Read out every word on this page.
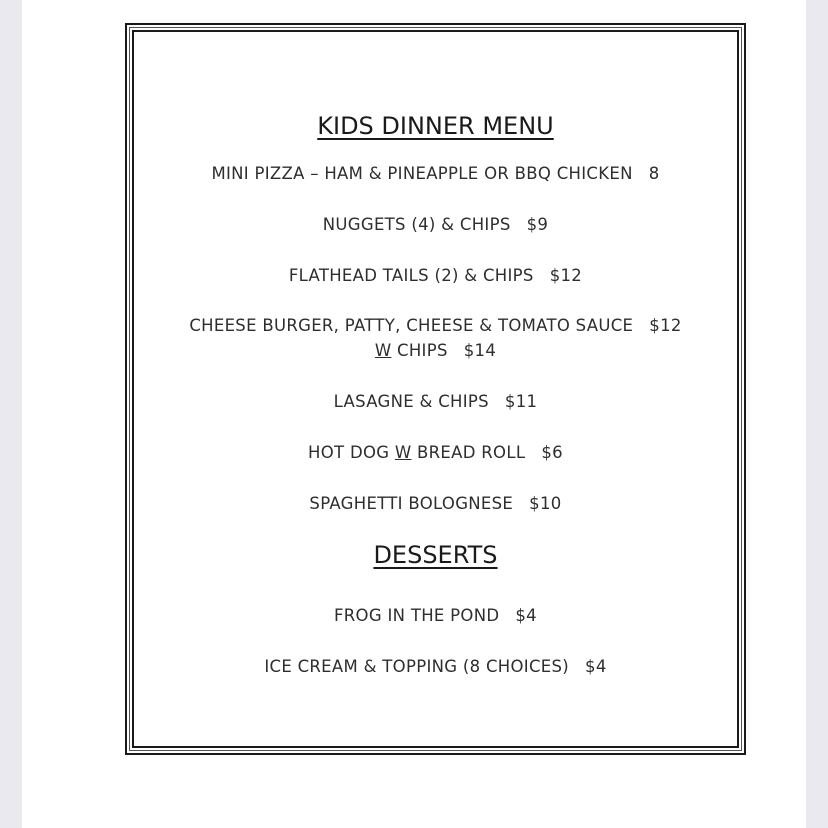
KIDS DINNER MENU
MINI PIZZA – HAM & PINEAPPLE OR BBQ CHICKEN 8
NUGGETS (4) & CHIPS $9
FLATHEAD TAILS (2) & CHIPS $12
CHEESE BURGER, PATTY, CHEESE & TOMATO SAUCE $12
W CHIPS $14
LASAGNE & CHIPS $11
HOT DOG W BREAD ROLL $6
SPAGHETTI BOLOGNESE $10
DESSERTS
FROG IN THE POND $4
ICE CREAM & TOPPING (8 CHOICES) $4
